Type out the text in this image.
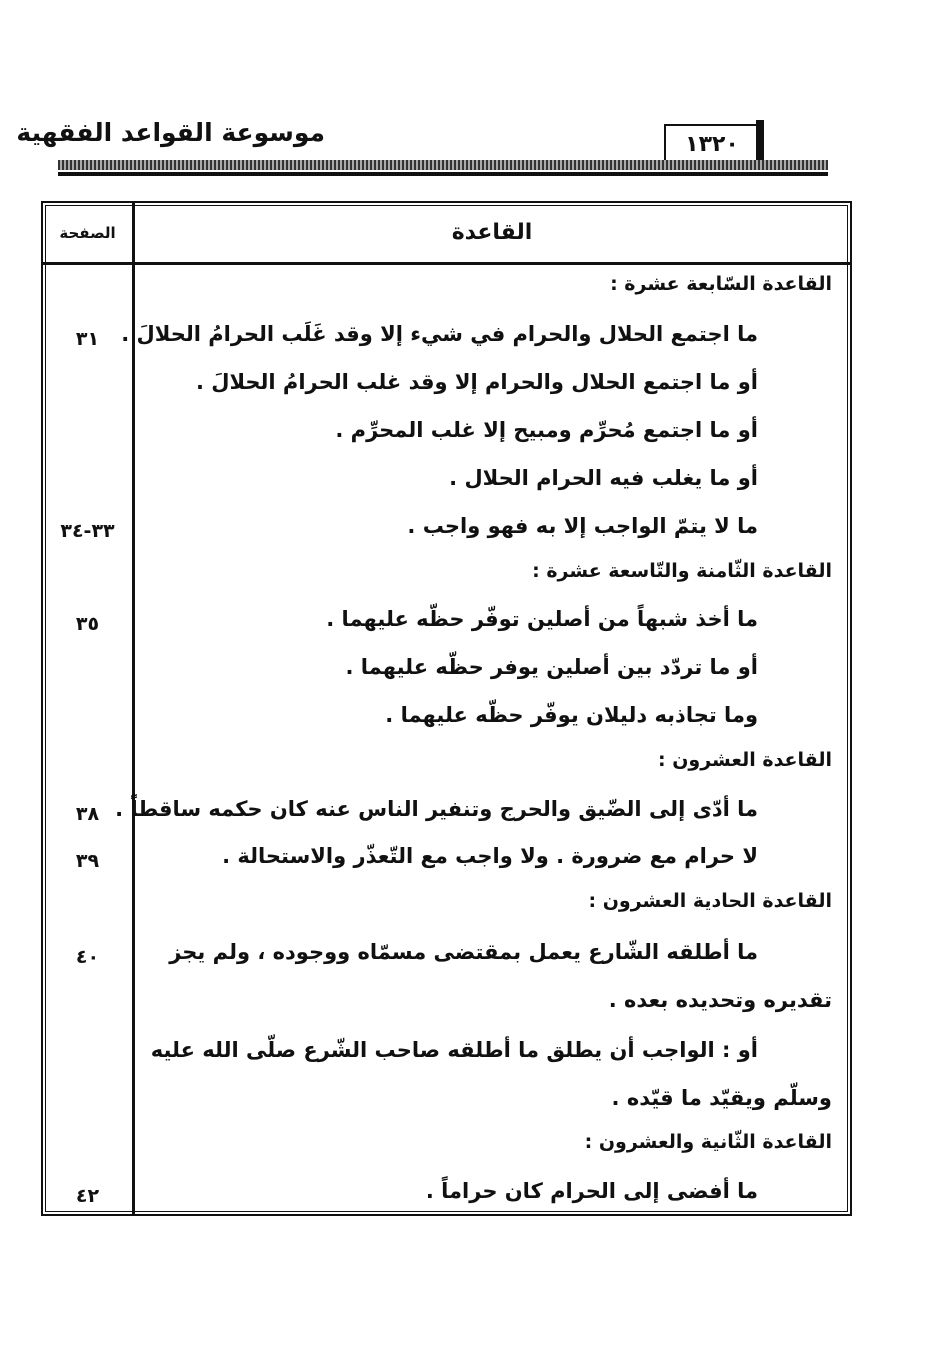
موسوعة القواعد الفقهية	١٣٢٠
القاعدة
الصفحة
القاعدة السّابعة عشرة :
ما اجتمع الحلال والحرام في شيء إلا وقد غَلَب الحرامُ الحلالَ .
أو ما اجتمع الحلال والحرام إلا وقد غلب الحرامُ الحلالَ .
أو ما اجتمع مُحرِّم ومبيح إلا غلب المحرِّم .
أو ما يغلب فيه الحرام الحلال .
ما لا يتمّ الواجب إلا به فهو واجب .
القاعدة الثّامنة والتّاسعة عشرة :
ما أخذ شبهاً من أصلين توفّر حظّه عليهما .
أو ما تردّد بين أصلين يوفر حظّه عليهما .
وما تجاذبه دليلان يوفّر حظّه عليهما .
القاعدة العشرون :
ما أدّى إلى الضّيق والحرج وتنفير الناس عنه كان حكمه ساقطاً .
لا حرام مع ضرورة . ولا واجب مع التّعذّر والاستحالة .
القاعدة الحادية العشرون :
ما أطلقه الشّارع يعمل بمقتضى مسمّاه ووجوده ، ولم يجز
تقديره وتحديده بعده .
أو : الواجب أن يطلق ما أطلقه صاحب الشّرع صلّى الله عليه
وسلّم ويقيّد ما قيّده .
القاعدة الثّانية والعشرون :
ما أفضى إلى الحرام كان حراماً .
٣١
٣٣-٣٤
٣٥
٣٨
٣٩
٤٠
٤٢
